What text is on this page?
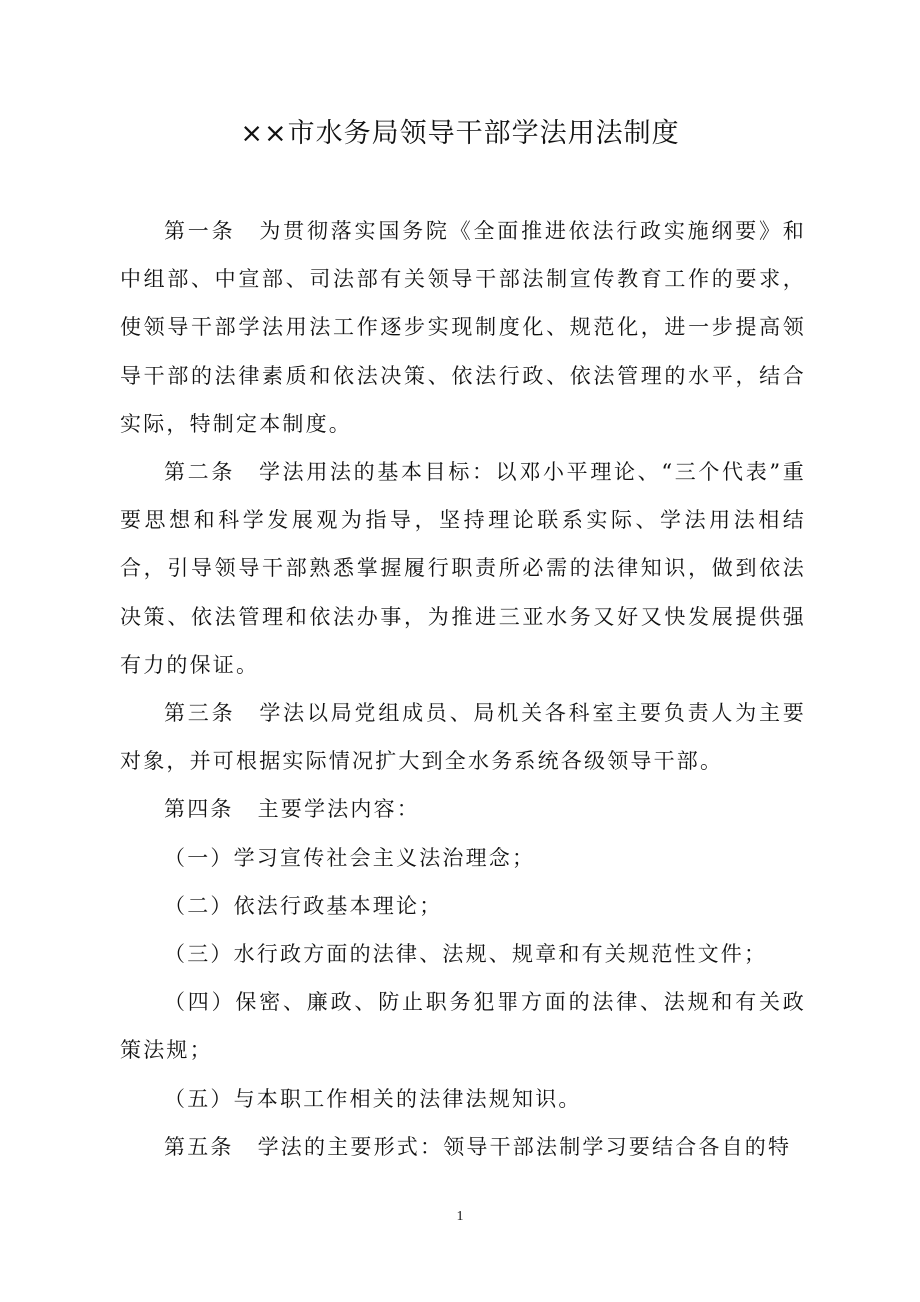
××市水务局领导干部学法用法制度

第一条 为贯彻落实国务院《全面推进依法行政实施纲要》和中组部、中宣部、司法部有关领导干部法制宣传教育工作的要求，使领导干部学法用法工作逐步实现制度化、规范化，进一步提高领导干部的法律素质和依法决策、依法行政、依法管理的水平，结合实际，特制定本制度。

第二条 学法用法的基本目标：以邓小平理论、“三个代表”重要思想和科学发展观为指导，坚持理论联系实际、学法用法相结合，引导领导干部熟悉掌握履行职责所必需的法律知识，做到依法决策、依法管理和依法办事，为推进三亚水务又好又快发展提供强有力的保证。

第三条 学法以局党组成员、局机关各科室主要负责人为主要对象，并可根据实际情况扩大到全水务系统各级领导干部。

第四条 主要学法内容：

（一）学习宣传社会主义法治理念；

（二）依法行政基本理论；

（三）水行政方面的法律、法规、规章和有关规范性文件；

（四）保密、廉政、防止职务犯罪方面的法律、法规和有关政策法规；

（五）与本职工作相关的法律法规知识。

第五条 学法的主要形式：领导干部法制学习要结合各自的特

1
